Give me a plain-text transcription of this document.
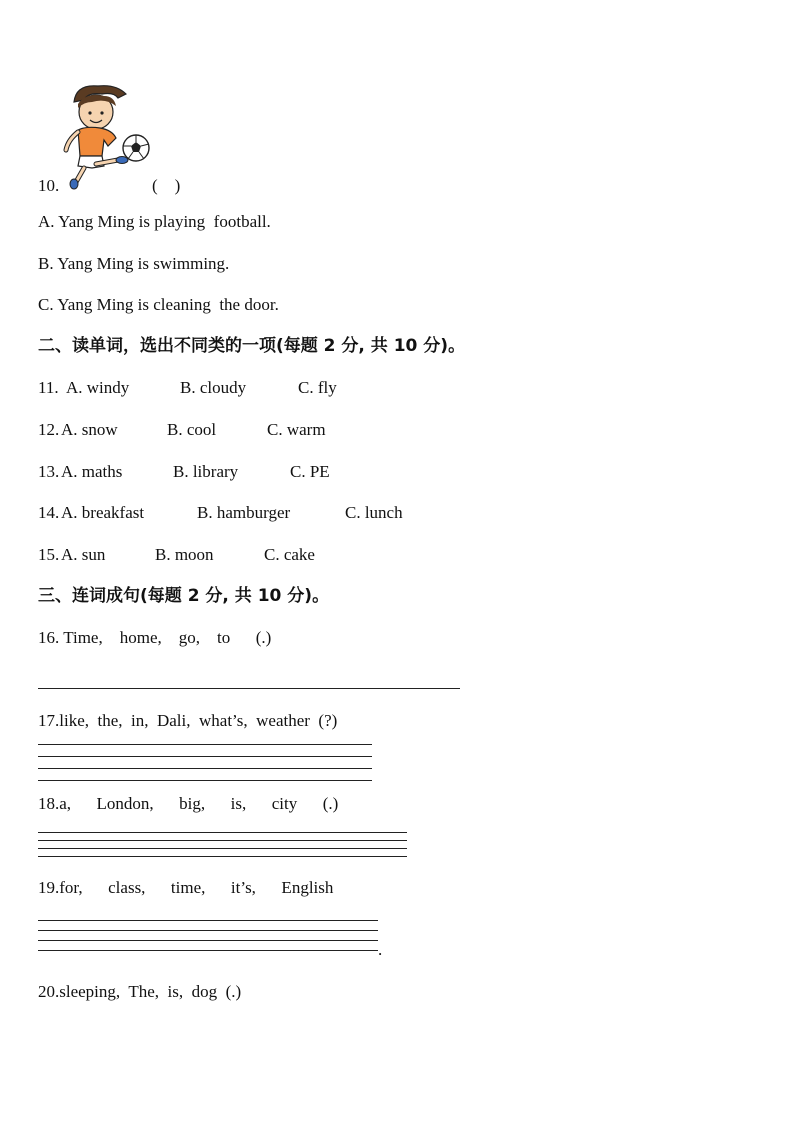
10.	(    )
A. Yang Ming is playing  football.
B. Yang Ming is swimming.
C. Yang Ming is cleaning  the door.
二、读单词，选出不同类的一项(每题 2 分, 共 10 分)。
11. A. windy	B. cloudy	C. fly
12. A. snow	B. cool	C. warm
13. A. maths	B. library	C. PE
14. A. breakfast	B. hamburger	C. lunch
15. A. sun	B. moon	C. cake
三、连词成句(每题 2 分, 共 10 分)。
16. Time,    home,    go,    to      (.)
17.like,  the,  in,  Dali,  what’s,  weather  (?)
18.a,      London,      big,      is,      city      (.)
19.for,      class,      time,      it’s,      English
.
20.sleeping,  The,  is,  dog  (.)
